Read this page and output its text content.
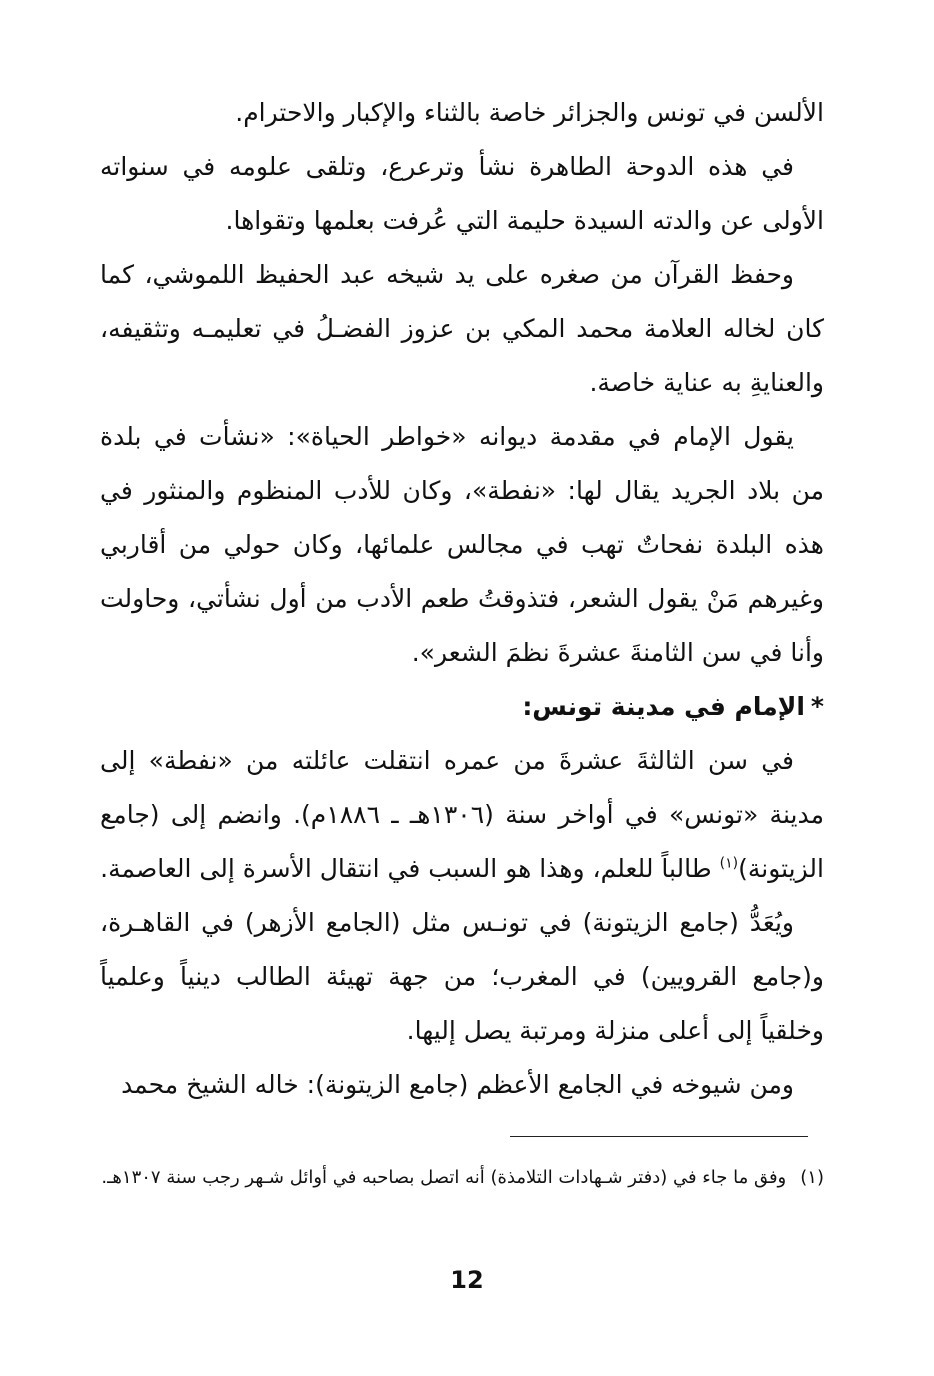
الألسن في تونس والجزائر خاصة بالثناء والإكبار والاحترام.

في هذه الدوحة الطاهرة نشأ وترعرع، وتلقى علومه في سنواته الأولى عن والدته السيدة حليمة التي عُرفت بعلمها وتقواها.

وحفظ القرآن من صغره على يد شيخه عبد الحفيظ اللموشي، كما كان لخاله العلامة محمد المكي بن عزوز الفضـلُ في تعليمـه وتثقيفه، والعنايةِ به عناية خاصة.

يقول الإمام في مقدمة ديوانه «خواطر الحياة»: «نشأت في بلدة من بلاد الجريد يقال لها: «نفطة»، وكان للأدب المنظوم والمنثور في هذه البلدة نفحاتٌ تهب في مجالس علمائها، وكان حولي من أقاربي وغيرهم مَنْ يقول الشعر، فتذوقتُ طعم الأدب من أول نشأتي، وحاولت وأنا في سن الثامنةَ عشرةَ نظمَ الشعر».

*الإمام في مدينة تونس:

في سن الثالثةَ عشرةَ من عمره انتقلت عائلته من «نفطة» إلى مدينة «تونس» في أواخر سنة (١٣٠٦هـ ـ ١٨٨٦م). وانضم إلى (جامع الزيتونة)$^{(١)}$ طالباً للعلم، وهذا هو السبب في انتقال الأسرة إلى العاصمة.

ويُعَدُّ (جامع الزيتونة) في تونـس مثل (الجامع الأزهر) في القاهـرة، و(جامع القرويين) في المغرب؛ من جهة تهيئة الطالب دينياً وعلمياً وخلقياً إلى أعلى منزلة ومرتبة يصل إليها.

ومن شيوخه في الجامع الأعظم (جامع الزيتونة): خاله الشيخ محمد

(١)وفق ما جاء في (دفتر شـهادات التلامذة) أنه اتصل بصاحبه في أوائل شـهر رجب سنة ١٣٠٧هـ.
12
